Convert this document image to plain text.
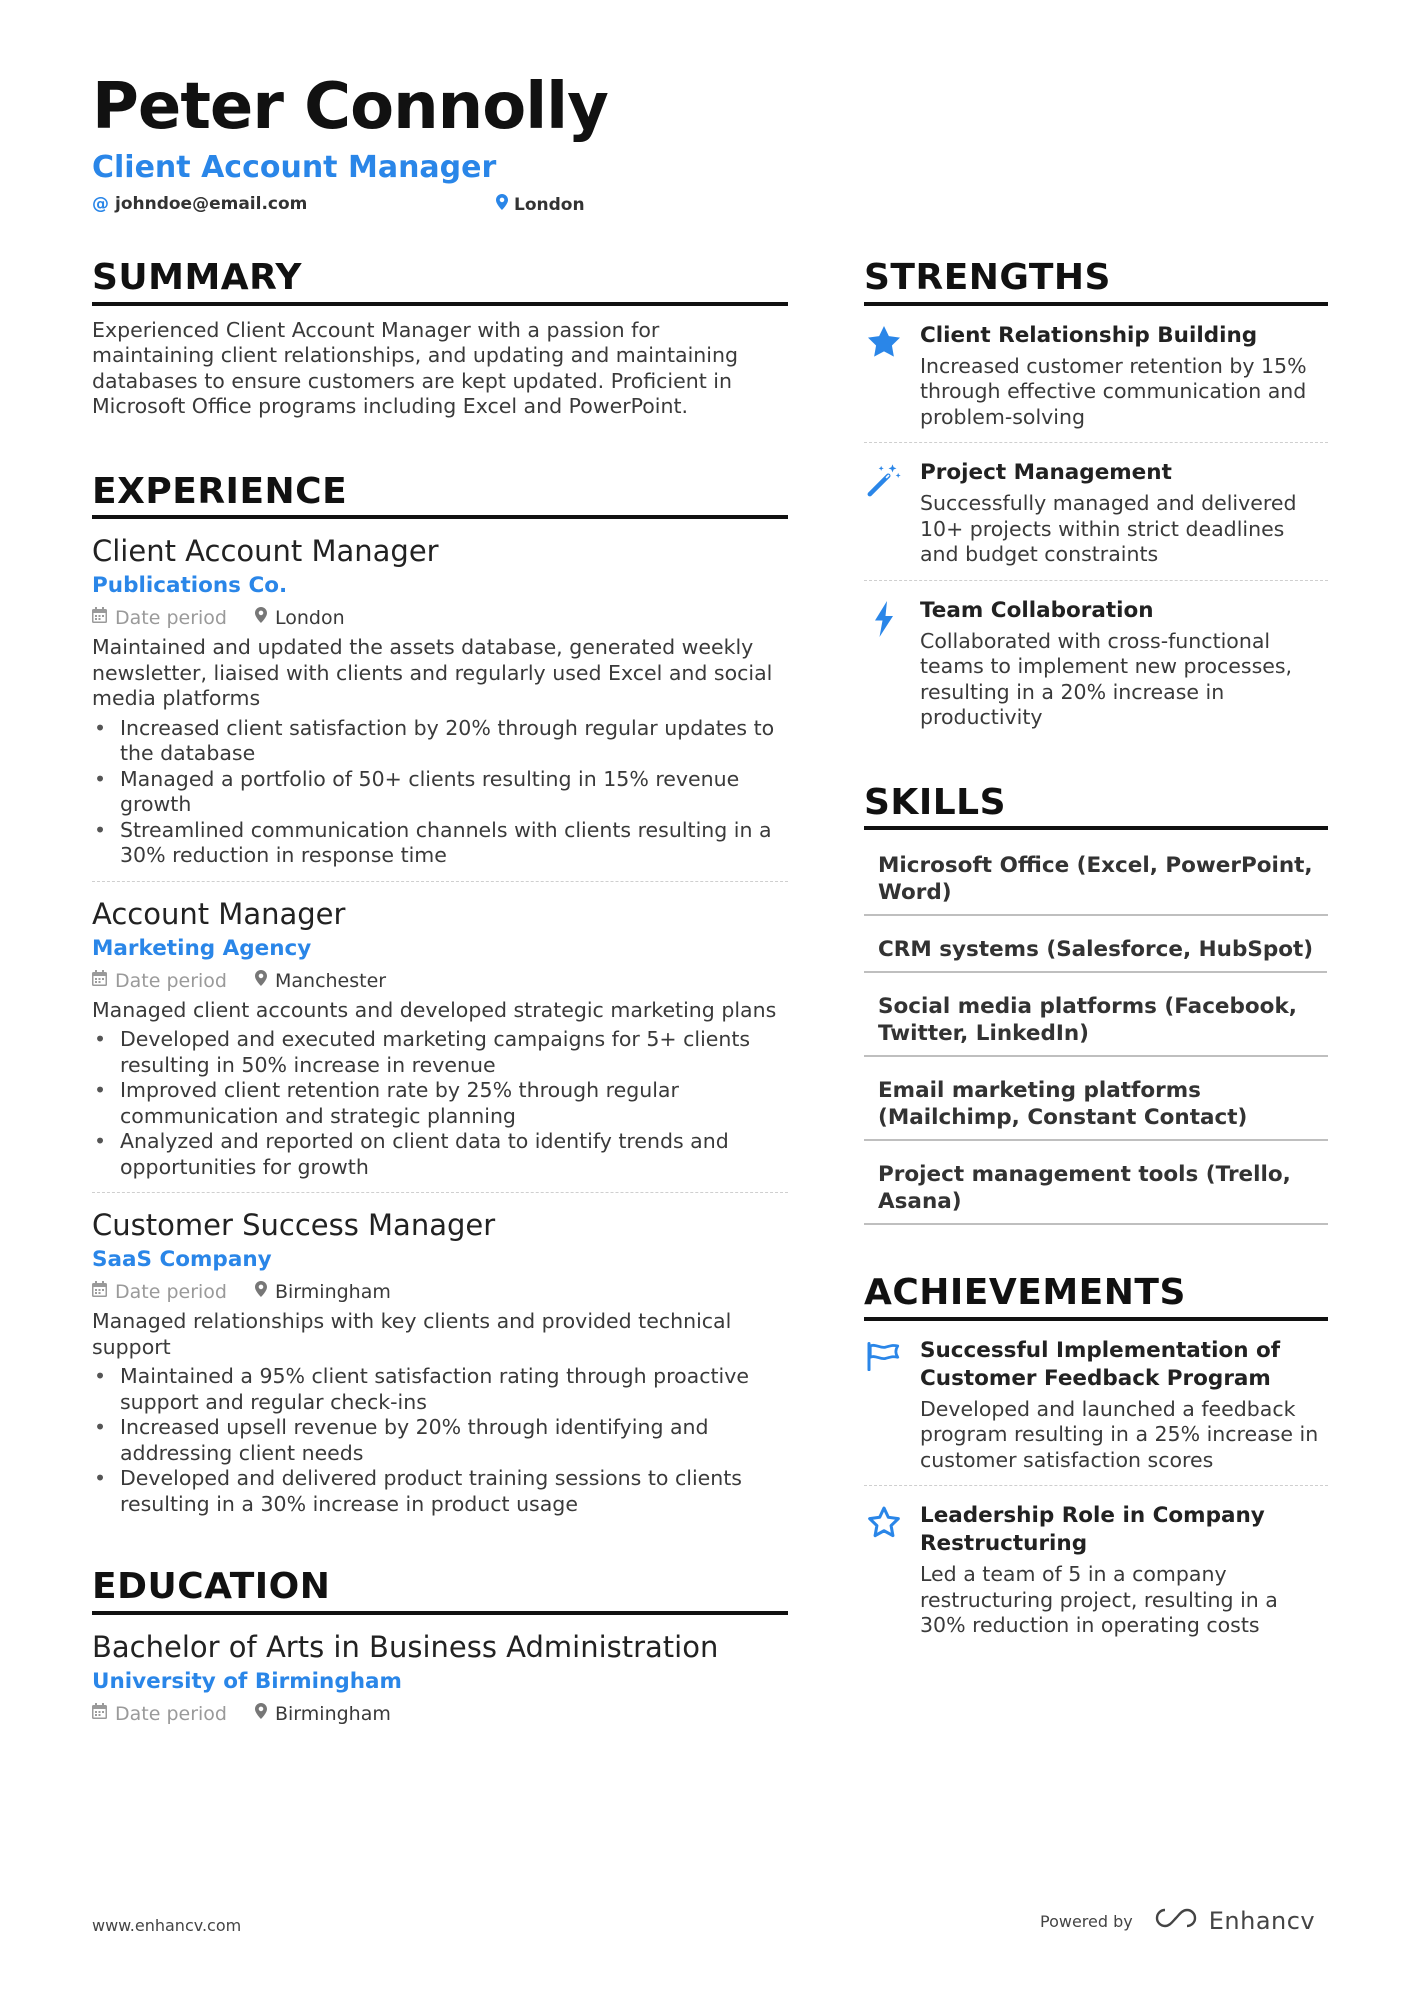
Peter Connolly
Client Account Manager
@ johndoe@email.com	London
SUMMARY
Experienced Client Account Manager with a passion for maintaining client relationships, and updating and maintaining databases to ensure customers are kept updated. Proficient in Microsoft Office programs including Excel and PowerPoint.
EXPERIENCE
Client Account Manager
Publications Co.
Date period	London
Maintained and updated the assets database, generated weekly newsletter, liaised with clients and regularly used Excel and social media platforms
• Increased client satisfaction by 20% through regular updates to the database
• Managed a portfolio of 50+ clients resulting in 15% revenue growth
• Streamlined communication channels with clients resulting in a 30% reduction in response time
Account Manager
Marketing Agency
Date period	Manchester
Managed client accounts and developed strategic marketing plans
• Developed and executed marketing campaigns for 5+ clients resulting in 50% increase in revenue
• Improved client retention rate by 25% through regular communication and strategic planning
• Analyzed and reported on client data to identify trends and opportunities for growth
Customer Success Manager
SaaS Company
Date period	Birmingham
Managed relationships with key clients and provided technical support
• Maintained a 95% client satisfaction rating through proactive support and regular check-ins
• Increased upsell revenue by 20% through identifying and addressing client needs
• Developed and delivered product training sessions to clients resulting in a 30% increase in product usage
EDUCATION
Bachelor of Arts in Business Administration
University of Birmingham
Date period	Birmingham
STRENGTHS
Client Relationship Building
Increased customer retention by 15% through effective communication and problem-solving
Project Management
Successfully managed and delivered 10+ projects within strict deadlines and budget constraints
Team Collaboration
Collaborated with cross-functional teams to implement new processes, resulting in a 20% increase in productivity
SKILLS
Microsoft Office (Excel, PowerPoint, Word)
CRM systems (Salesforce, HubSpot)
Social media platforms (Facebook, Twitter, LinkedIn)
Email marketing platforms (Mailchimp, Constant Contact)
Project management tools (Trello, Asana)
ACHIEVEMENTS
Successful Implementation of Customer Feedback Program
Developed and launched a feedback program resulting in a 25% increase in customer satisfaction scores
Leadership Role in Company Restructuring
Led a team of 5 in a company restructuring project, resulting in a 30% reduction in operating costs
www.enhancv.com	Powered by	Enhancv
